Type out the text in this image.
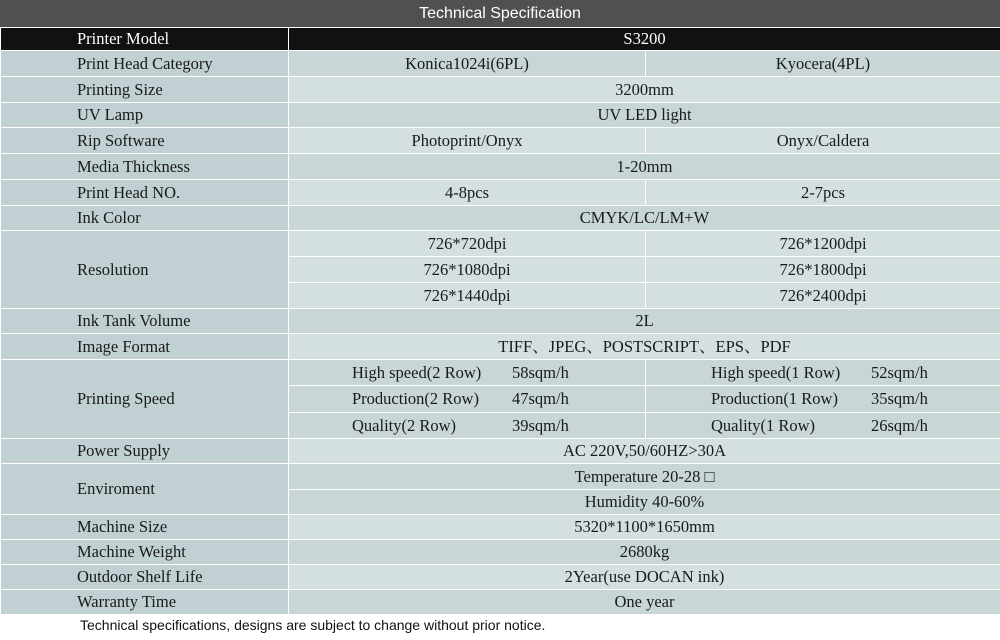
Technical Specification
Printer Model	S3200	
Print Head Category	Konica1024i(6PL)	Kyocera(4PL)
Printing Size	3200mm	
UV Lamp	UV LED light	
Rip Software	Photoprint/Onyx	Onyx/Caldera
Media Thickness	1-20mm	
Print Head NO.	4-8pcs	2-7pcs
Ink Color	CMYK/LC/LM+W	
Resolution	726*720dpi	726*1200dpi
	726*1080dpi	726*1800dpi
	726*1440dpi	726*2400dpi
Ink Tank Volume	2L	
Image Format	TIFF、JPEG、POSTSCRIPT、EPS、PDF	
Printing Speed	High speed(2 Row) 58sqm/h	High speed(1 Row) 52sqm/h
	Production(2 Row) 47sqm/h	Production(1 Row) 35sqm/h
	Quality(2 Row) 39sqm/h	Quality(1 Row) 26sqm/h
Power Supply	AC 220V,50/60HZ>30A	
Enviroment	Temperature 20-28 □	
	Humidity 40-60%	
Machine Size	5320*1100*1650mm	
Machine Weight	2680kg	
Outdoor Shelf Life	2Year(use DOCAN ink)	
Warranty Time	One year	
Technical specifications, designs are subject to change without prior notice.
